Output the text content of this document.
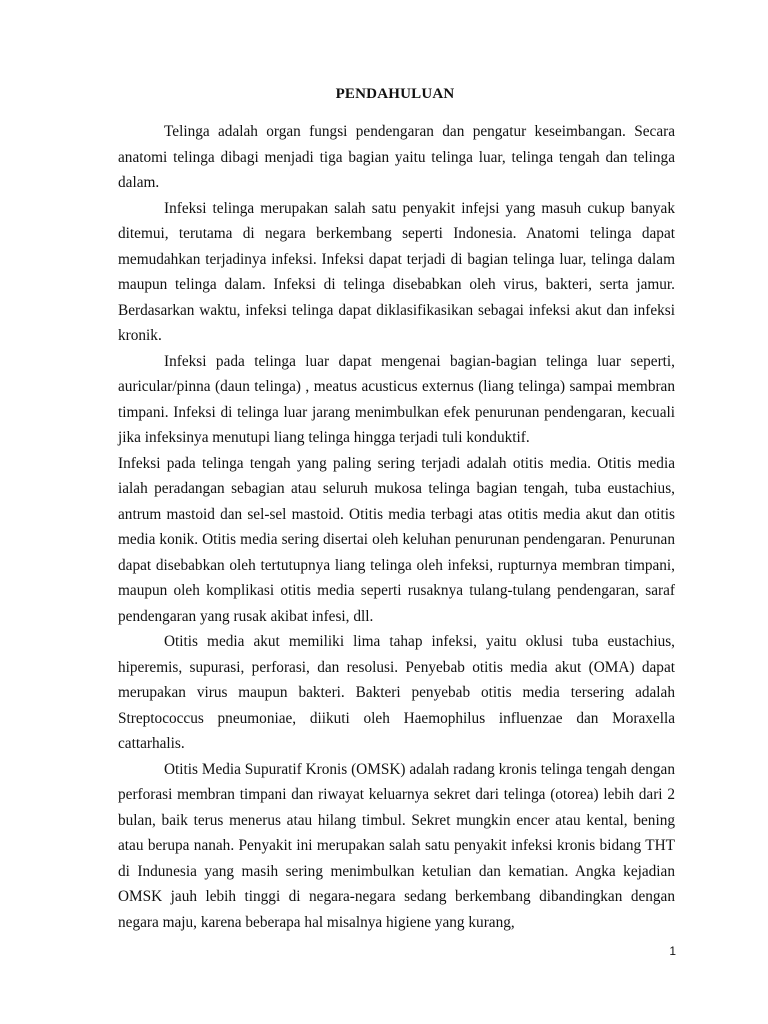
PENDAHULUAN

Telinga adalah organ fungsi pendengaran dan pengatur keseimbangan. Secara anatomi telinga dibagi menjadi tiga bagian yaitu telinga luar, telinga tengah dan telinga dalam.

Infeksi telinga merupakan salah satu penyakit infejsi yang masuh cukup banyak ditemui, terutama di negara berkembang seperti Indonesia. Anatomi telinga dapat memudahkan terjadinya infeksi. Infeksi dapat terjadi di bagian telinga luar, telinga dalam maupun telinga dalam. Infeksi di telinga disebabkan oleh virus, bakteri, serta jamur. Berdasarkan waktu, infeksi telinga dapat diklasifikasikan sebagai infeksi akut dan infeksi kronik.

Infeksi pada telinga luar dapat mengenai bagian-bagian telinga luar seperti, auricular/pinna (daun telinga) , meatus acusticus externus (liang telinga) sampai membran timpani. Infeksi di telinga luar jarang menimbulkan efek penurunan pendengaran, kecuali jika infeksinya menutupi liang telinga hingga terjadi tuli konduktif.

Infeksi pada telinga tengah yang paling sering terjadi adalah otitis media. Otitis media ialah peradangan sebagian atau seluruh mukosa telinga bagian tengah, tuba eustachius, antrum mastoid dan sel-sel mastoid. Otitis media terbagi atas otitis media akut dan otitis media konik. Otitis media sering disertai oleh keluhan penurunan pendengaran. Penurunan dapat disebabkan oleh tertutupnya liang telinga oleh infeksi, rupturnya membran timpani, maupun oleh komplikasi otitis media seperti rusaknya tulang-tulang pendengaran, saraf pendengaran yang rusak akibat infesi, dll.

Otitis media akut memiliki lima tahap infeksi, yaitu oklusi tuba eustachius, hiperemis, supurasi, perforasi, dan resolusi. Penyebab otitis media akut (OMA) dapat merupakan virus maupun bakteri. Bakteri penyebab otitis media tersering adalah Streptococcus pneumoniae, diikuti oleh Haemophilus influenzae dan Moraxella cattarhalis.

Otitis Media Supuratif Kronis (OMSK) adalah radang kronis telinga tengah dengan perforasi membran timpani dan riwayat keluarnya sekret dari telinga (otorea) lebih dari 2 bulan, baik terus menerus atau hilang timbul. Sekret mungkin encer atau kental, bening atau berupa nanah. Penyakit ini merupakan salah satu penyakit infeksi kronis bidang THT di Indunesia yang masih sering menimbulkan ketulian dan kematian. Angka kejadian OMSK jauh lebih tinggi di negara-negara sedang berkembang dibandingkan dengan negara maju, karena beberapa hal misalnya higiene yang kurang,

1
